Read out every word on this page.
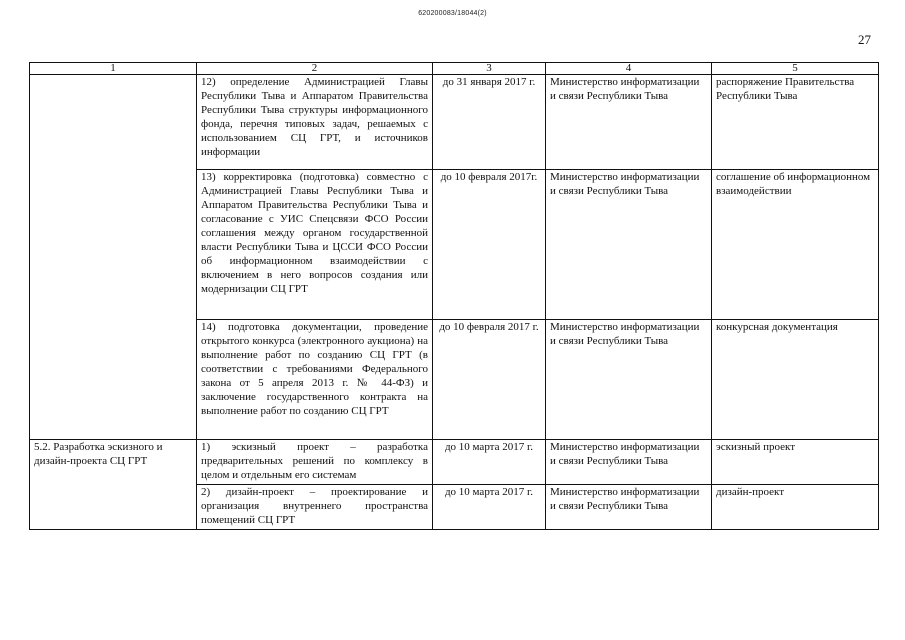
620200083/18044(2)
27
1	2	3	4	5
	12) определение Администрацией Главы Республики Тыва и Аппаратом Правительства Республики Тыва структуры информационного фонда, перечня типовых задач, решаемых с использованием СЦ ГРТ, и источников информации	до 31 января 2017 г.	Министерство информатизации и связи Республики Тыва	распоряжение Правительства Республики Тыва
	13) корректировка (подготовка) совместно с Администрацией Главы Республики Тыва и Аппаратом Правительства Республики Тыва и согласование с УИС Спецсвязи ФСО России соглашения между органом государственной власти Республики Тыва и ЦССИ ФСО России об информационном взаимодействии с включением в него вопросов создания или модернизации СЦ ГРТ	до 10 февраля 2017г.	Министерство информатизации и связи Республики Тыва	соглашение об информационном взаимодействии
	14) подготовка документации, проведение открытого конкурса (электронного аукциона) на выполнение работ по созданию СЦ ГРТ (в соответствии с требованиями Федерального закона от 5 апреля 2013 г. № 44-ФЗ) и заключение государственного контракта на выполнение работ по созданию СЦ ГРТ	до 10 февраля 2017 г.	Министерство информатизации и связи Республики Тыва	конкурсная документация
5.2. Разработка эскизного и дизайн-проекта СЦ ГРТ	1) эскизный проект – разработка предварительных решений по комплексу в целом и отдельным его системам	до 10 марта 2017 г.	Министерство информатизации и связи Республики Тыва	эскизный проект
	2) дизайн-проект – проектирование и организация внутреннего пространства помещений СЦ ГРТ	до 10 марта 2017 г.	Министерство информатизации и связи Республики Тыва	дизайн-проект
